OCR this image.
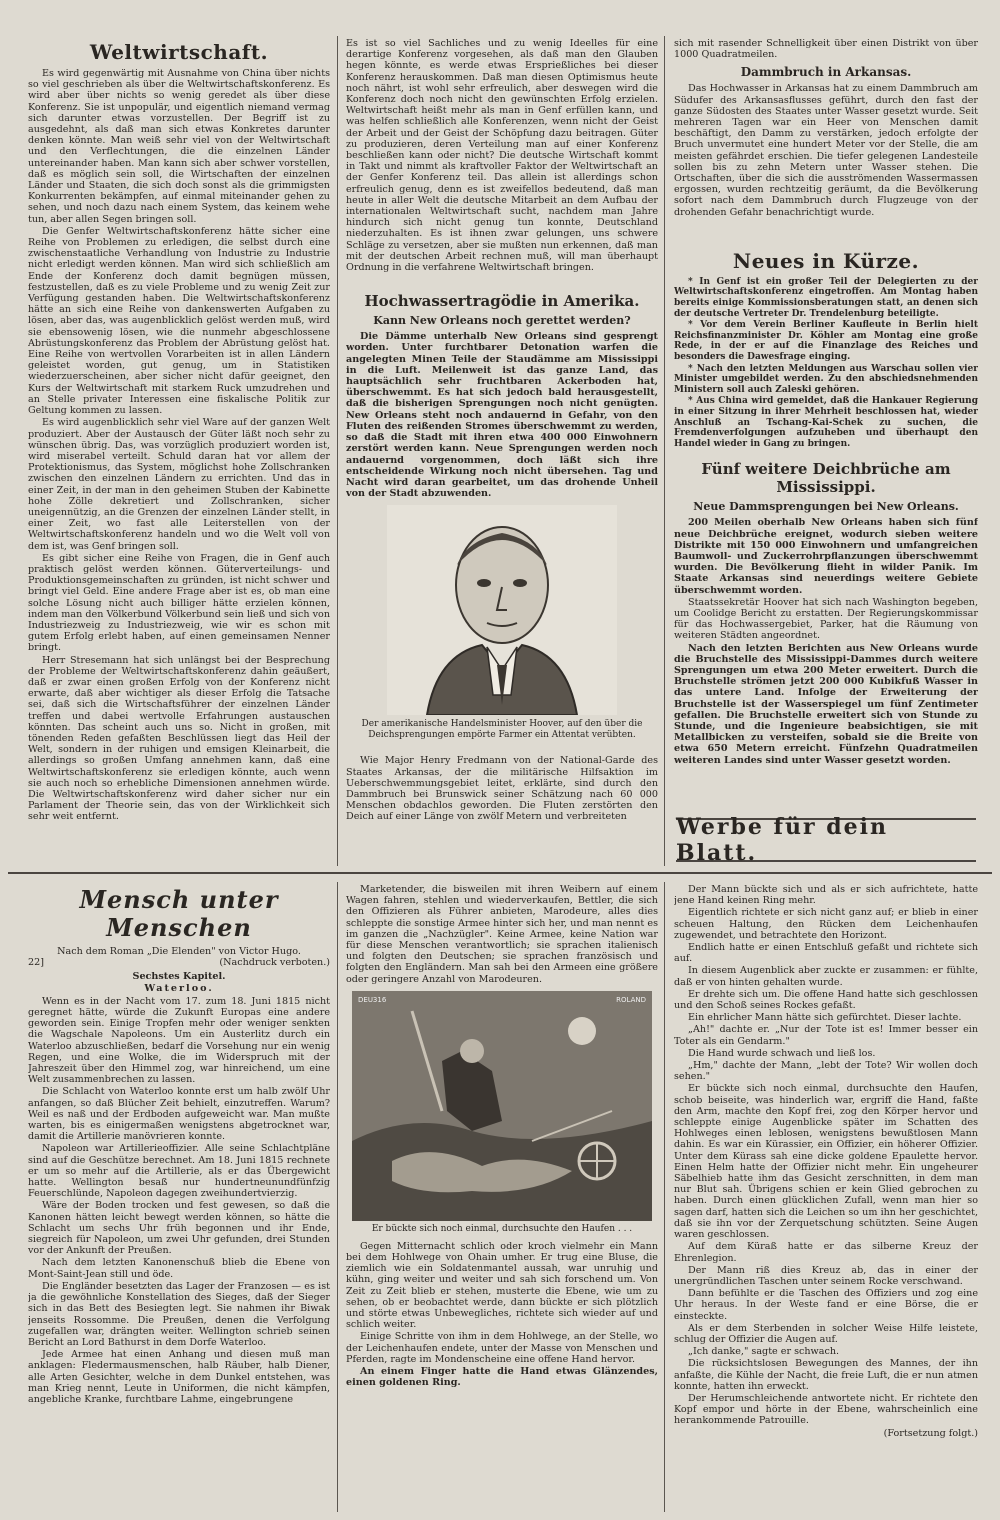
Weltwirtschaft.

Es wird gegenwärtig mit Ausnahme von China über nichts so viel geschrieben als über die Weltwirtschaftskonferenz. Es wird aber über nichts so wenig geredet als über diese Konferenz. Sie ist unpopulär, und eigentlich niemand vermag sich darunter etwas vorzustellen. Der Begriff ist zu ausgedehnt, als daß man sich etwas Konkretes darunter denken könnte. Man weiß sehr viel von der Weltwirtschaft und den Verflechtungen, die die einzelnen Länder untereinander haben. Man kann sich aber schwer vorstellen, daß es möglich sein soll, die Wirtschaften der einzelnen Länder und Staaten, die sich doch sonst als die grimmigsten Konkurrenten bekämpfen, auf einmal miteinander gehen zu sehen, und noch dazu nach einem System, das keinem wehe tun, aber allen Segen bringen soll.

Die Genfer Weltwirtschaftskonferenz hätte sicher eine Reihe von Problemen zu erledigen, die selbst durch eine zwischenstaatliche Verhandlung von Industrie zu Industrie nicht erledigt werden können. Man wird sich schließlich am Ende der Konferenz doch damit begnügen müssen, festzustellen, daß es zu viele Probleme und zu wenig Zeit zur Verfügung gestanden haben. Die Weltwirtschaftskonferenz hätte an sich eine Reihe von dankenswerten Aufgaben zu lösen, aber das, was augenblicklich gelöst werden muß, wird sie ebensowenig lösen, wie die nunmehr abgeschlossene Abrüstungskonferenz das Problem der Abrüstung gelöst hat. Eine Reihe von wertvollen Vorarbeiten ist in allen Ländern geleistet worden, gut genug, um in Statistiken wiederzuerscheinen, aber sicher nicht dafür geeignet, den Kurs der Weltwirtschaft mit starkem Ruck umzudrehen und an Stelle privater Interessen eine fiskalische Politik zur Geltung kommen zu lassen.

Es wird augenblicklich sehr viel Ware auf der ganzen Welt produziert. Aber der Austausch der Güter läßt noch sehr zu wünschen übrig. Das, was vorzüglich produziert worden ist, wird miserabel verteilt. Schuld daran hat vor allem der Protektionismus, das System, möglichst hohe Zollschranken zwischen den einzelnen Ländern zu errichten. Und das in einer Zeit, in der man in den geheimen Stuben der Kabinette hohe Zölle dekretiert und Zollschranken, sicher uneigennützig, an die Grenzen der einzelnen Länder stellt, in einer Zeit, wo fast alle Leiterstellen von der Weltwirtschaftskonferenz handeln und wo die Welt voll von dem ist, was Genf bringen soll.

Es gibt sicher eine Reihe von Fragen, die in Genf auch praktisch gelöst werden können. Güterverteilungs- und Produktionsgemeinschaften zu gründen, ist nicht schwer und bringt viel Geld. Eine andere Frage aber ist es, ob man eine solche Lösung nicht auch billiger hätte erzielen können, indem man den Völkerbund Völkerbund sein ließ und sich von Industriezweig zu Industriezweig, wie wir es schon mit gutem Erfolg erlebt haben, auf einen gemeinsamen Nenner bringt.

Herr Stresemann hat sich unlängst bei der Besprechung der Probleme der Weltwirtschaftskonferenz dahin geäußert, daß er zwar einen großen Erfolg von der Konferenz nicht erwarte, daß aber wichtiger als dieser Erfolg die Tatsache sei, daß sich die Wirtschaftsführer der einzelnen Länder treffen und dabei wertvolle Erfahrungen austauschen könnten. Das scheint auch uns so. Nicht in großen, mit tönenden Reden gefaßten Beschlüssen liegt das Heil der Welt, sondern in der ruhigen und emsigen Kleinarbeit, die allerdings so großen Umfang annehmen kann, daß eine Weltwirtschaftskonferenz sie erledigen könnte, auch wenn sie auch noch so erhebliche Dimensionen annehmen würde. Die Weltwirtschaftskonferenz wird daher sicher nur ein Parlament der Theorie sein, das von der Wirklichkeit sich sehr weit entfernt.

Es ist so viel Sachliches und zu wenig Ideelles für eine derartige Konferenz vorgesehen, als daß man den Glauben hegen könnte, es werde etwas Ersprießliches bei dieser Konferenz herauskommen. Daß man diesen Optimismus heute noch nährt, ist wohl sehr erfreulich, aber deswegen wird die Konferenz doch noch nicht den gewünschten Erfolg erzielen. Weltwirtschaft heißt mehr als man in Genf erfüllen kann, und was helfen schließlich alle Konferenzen, wenn nicht der Geist der Arbeit und der Geist der Schöpfung dazu beitragen. Güter zu produzieren, deren Verteilung man auf einer Konferenz beschließen kann oder nicht? Die deutsche Wirtschaft kommt in Takt und nimmt als kraftvoller Faktor der Weltwirtschaft an der Genfer Konferenz teil. Das allein ist allerdings schon erfreulich genug, denn es ist zweifellos bedeutend, daß man heute in aller Welt die deutsche Mitarbeit an dem Aufbau der internationalen Weltwirtschaft sucht, nachdem man Jahre hindurch sich nicht genug tun konnte, Deutschland niederzuhalten. Es ist ihnen zwar gelungen, uns schwere Schläge zu versetzen, aber sie mußten nun erkennen, daß man mit der deutschen Arbeit rechnen muß, will man überhaupt Ordnung in die verfahrene Weltwirtschaft bringen.

Hochwassertragödie in Amerika.
Kann New Orleans noch gerettet werden?

Die Dämme unterhalb New Orleans sind gesprengt worden. Unter furchtbarer Detonation warfen die angelegten Minen Teile der Staudämme am Mississippi in die Luft. Meilenweit ist das ganze Land, das hauptsächlich sehr fruchtbaren Ackerboden hat, überschwemmt. Es hat sich jedoch bald herausgestellt, daß die bisherigen Sprengungen noch nicht genügten. New Orleans steht noch andauernd in Gefahr, von den Fluten des reißenden Stromes überschwemmt zu werden, so daß die Stadt mit ihren etwa 400 000 Einwohnern zerstört werden kann. Neue Sprengungen werden noch andauernd vorgenommen, doch läßt sich ihre entscheidende Wirkung noch nicht übersehen. Tag und Nacht wird daran gearbeitet, um das drohende Unheil von der Stadt abzuwenden.

Der amerikanische Handelsminister Hoover, auf den über die Deichsprengungen empörte Farmer ein Attentat verübten.

Wie Major Henry Fredmann von der National-Garde des Staates Arkansas, der die militärische Hilfsaktion im Ueberschwemmungsgebiet leitet, erklärte, sind durch den Dammbruch bei Brunswick seiner Schätzung nach 60 000 Menschen obdachlos geworden. Die Fluten zerstörten den Deich auf einer Länge von zwölf Metern und verbreiteten

sich mit rasender Schnelligkeit über einen Distrikt von über 1000 Quadratmeilen.

Dammbruch in Arkansas.

Das Hochwasser in Arkansas hat zu einem Dammbruch am Südufer des Arkansasflusses geführt, durch den fast der ganze Südosten des Staates unter Wasser gesetzt wurde. Seit mehreren Tagen war ein Heer von Menschen damit beschäftigt, den Damm zu verstärken, jedoch erfolgte der Bruch unvermutet eine hundert Meter vor der Stelle, die am meisten gefährdet erschien. Die tiefer gelegenen Landesteile sollen bis zu zehn Metern unter Wasser stehen. Die Ortschaften, über die sich die ausströmenden Wassermassen ergossen, wurden rechtzeitig geräumt, da die Bevölkerung sofort nach dem Dammbruch durch Flugzeuge von der drohenden Gefahr benachrichtigt wurde.

Neues in Kürze.

* In Genf ist ein großer Teil der Delegierten zu der Weltwirtschaftskonferenz eingetroffen. Am Montag haben bereits einige Kommissionsberatungen statt, an denen sich der deutsche Vertreter Dr. Trendelenburg beteiligte.

* Vor dem Verein Berliner Kaufleute in Berlin hielt Reichsfinanzminister Dr. Köhler am Montag eine große Rede, in der er auf die Finanzlage des Reiches und besonders die Dawesfrage einging.

* Nach den letzten Meldungen aus Warschau sollen vier Minister umgebildet werden. Zu den abschiedsnehmenden Ministern soll auch Zaleski gehören.

* Aus China wird gemeldet, daß die Hankauer Regierung in einer Sitzung in ihrer Mehrheit beschlossen hat, wieder Anschluß an Tschang-Kai-Schek zu suchen, die Fremdenverfolgungen aufzuheben und überhaupt den Handel wieder in Gang zu bringen.

Fünf weitere Deichbrüche am Mississippi.
Neue Dammsprengungen bei New Orleans.

200 Meilen oberhalb New Orleans haben sich fünf neue Deichbrüche ereignet, wodurch sieben weitere Distrikte mit 150 000 Einwohnern und umfangreichen Baumwoll- und Zuckerrohrpflanzungen überschwemmt wurden. Die Bevölkerung flieht in wilder Panik. Im Staate Arkansas sind neuerdings weitere Gebiete überschwemmt worden.

Staatssekretär Hoover hat sich nach Washington begeben, um Coolidge Bericht zu erstatten. Der Regierungskommissar für das Hochwassergebiet, Parker, hat die Räumung von weiteren Städten angeordnet.

Nach den letzten Berichten aus New Orleans wurde die Bruchstelle des Mississippi-Dammes durch weitere Sprengungen um etwa 200 Meter erweitert. Durch die Bruchstelle strömen jetzt 200 000 Kubikfuß Wasser in das untere Land. Infolge der Erweiterung der Bruchstelle ist der Wasserspiegel um fünf Zentimeter gefallen. Die Bruchstelle erweitert sich von Stunde zu Stunde, und die Ingenieure beabsichtigen, sie mit Metallbicken zu versteifen, sobald sie die Breite von etwa 650 Metern erreicht. Fünfzehn Quadratmeilen weiteren Landes sind unter Wasser gesetzt worden.

Werbe für dein Blatt.
Mensch unter Menschen
Nach dem Roman „Die Elenden" von Victor Hugo.
22]	(Nachdruck verboten.)
Sechstes Kapitel.
Waterloo.

Wenn es in der Nacht vom 17. zum 18. Juni 1815 nicht geregnet hätte, würde die Zukunft Europas eine andere geworden sein. Einige Tropfen mehr oder weniger senkten die Wagschale Napoleons. Um ein Austerlitz durch ein Waterloo abzuschließen, bedarf die Vorsehung nur ein wenig Regen, und eine Wolke, die im Widerspruch mit der Jahreszeit über den Himmel zog, war hinreichend, um eine Welt zusammenbrechen zu lassen.

Die Schlacht von Waterloo konnte erst um halb zwölf Uhr anfangen, so daß Blücher Zeit behielt, einzutreffen. Warum? Weil es naß und der Erdboden aufgeweicht war. Man mußte warten, bis es einigermaßen wenigstens abgetrocknet war, damit die Artillerie manövrieren konnte.

Napoleon war Artillerieoffizier. Alle seine Schlachtpläne sind auf die Geschütze berechnet. Am 18. Juni 1815 rechnete er um so mehr auf die Artillerie, als er das Übergewicht hatte. Wellington besaß nur hundertneunundfünfzig Feuerschlünde, Napoleon dagegen zweihundertvierzig.

Wäre der Boden trocken und fest gewesen, so daß die Kanonen hätten leicht bewegt werden können, so hätte die Schlacht um sechs Uhr früh begonnen und ihr Ende, siegreich für Napoleon, um zwei Uhr gefunden, drei Stunden vor der Ankunft der Preußen.

Nach dem letzten Kanonenschuß blieb die Ebene von Mont-Saint-Jean still und öde.

Die Engländer besetzten das Lager der Franzosen — es ist ja die gewöhnliche Konstellation des Sieges, daß der Sieger sich in das Bett des Besiegten legt. Sie nahmen ihr Biwak jenseits Rossomme. Die Preußen, denen die Verfolgung zugefallen war, drängten weiter. Wellington schrieb seinen Bericht an Lord Bathurst in dem Dorfe Waterloo.

Jede Armee hat einen Anhang und diesen muß man anklagen: Fledermausmenschen, halb Räuber, halb Diener, alle Arten Gesichter, welche in dem Dunkel entstehen, was man Krieg nennt, Leute in Uniformen, die nicht kämpfen, angebliche Kranke, furchtbare Lahme, eingebrungene

Marketender, die bisweilen mit ihren Weibern auf einem Wagen fahren, stehlen und wiederverkaufen, Bettler, die sich den Offizieren als Führer anbieten, Marodeure, alles dies schleppte die sonstige Armee hinter sich her, und man nennt es im ganzen die „Nachzügler". Keine Armee, keine Nation war für diese Menschen verantwortlich; sie sprachen italienisch und folgten den Deutschen; sie sprachen französisch und folgten den Engländern. Man sah bei den Armeen eine größere oder geringere Anzahl von Marodeuren.

DEU316	ROLAND
Er bückte sich noch einmal, durchsuchte den Haufen . . .

Gegen Mitternacht schlich oder kroch vielmehr ein Mann bei dem Hohlwege von Ohain umher. Er trug eine Bluse, die ziemlich wie ein Soldatenmantel aussah, war unruhig und kühn, ging weiter und weiter und sah sich forschend um. Von Zeit zu Zeit blieb er stehen, musterte die Ebene, wie um zu sehen, ob er beobachtet werde, dann bückte er sich plötzlich und störte etwas Unbewegliches, richtete sich wieder auf und schlich weiter.

Einige Schritte von ihm in dem Hohlwege, an der Stelle, wo der Leichenhaufen endete, unter der Masse von Menschen und Pferden, ragte im Mondenscheine eine offene Hand hervor.

An einem Finger hatte die Hand etwas Glänzendes, einen goldenen Ring.

Der Mann bückte sich und als er sich aufrichtete, hatte jene Hand keinen Ring mehr.

Eigentlich richtete er sich nicht ganz auf; er blieb in einer scheuen Haltung, den Rücken dem Leichenhaufen zugewendet, und betrachtete den Horizont.

Endlich hatte er einen Entschluß gefaßt und richtete sich auf.

In diesem Augenblick aber zuckte er zusammen: er fühlte, daß er von hinten gehalten wurde.

Er drehte sich um. Die offene Hand hatte sich geschlossen und den Schoß seines Rockes gefaßt.

Ein ehrlicher Mann hätte sich gefürchtet. Dieser lachte.

„Ah!" dachte er. „Nur der Tote ist es! Immer besser ein Toter als ein Gendarm."

Die Hand wurde schwach und ließ los.

„Hm," dachte der Mann, „lebt der Tote? Wir wollen doch sehen."

Er bückte sich noch einmal, durchsuchte den Haufen, schob beiseite, was hinderlich war, ergriff die Hand, faßte den Arm, machte den Kopf frei, zog den Körper hervor und schleppte einige Augenblicke später im Schatten des Hohlweges einen leblosen, wenigstens bewußtlosen Mann dahin. Es war ein Kürassier, ein Offizier, ein höherer Offizier. Unter dem Kürass sah eine dicke goldene Epaulette hervor. Einen Helm hatte der Offizier nicht mehr. Ein ungeheurer Säbelhieb hatte ihm das Gesicht zerschnitten, in dem man nur Blut sah. Übrigens schien er kein Glied gebrochen zu haben. Durch einen glücklichen Zufall, wenn man hier so sagen darf, hatten sich die Leichen so um ihn her geschichtet, daß sie ihn vor der Zerquetschung schützten. Seine Augen waren geschlossen.

Auf dem Küraß hatte er das silberne Kreuz der Ehrenlegion.

Der Mann riß dies Kreuz ab, das in einer der unergründlichen Taschen unter seinem Rocke verschwand.

Dann befühlte er die Taschen des Offiziers und zog eine Uhr heraus. In der Weste fand er eine Börse, die er einsteckte.

Als er dem Sterbenden in solcher Weise Hilfe leistete, schlug der Offizier die Augen auf.

„Ich danke," sagte er schwach.

Die rücksichtslosen Bewegungen des Mannes, der ihn anfaßte, die Kühle der Nacht, die freie Luft, die er nun atmen konnte, hatten ihn erweckt.

Der Herumschleichende antwortete nicht. Er richtete den Kopf empor und hörte in der Ebene, wahrscheinlich eine herankommende Patrouille.

(Fortsetzung folgt.)
